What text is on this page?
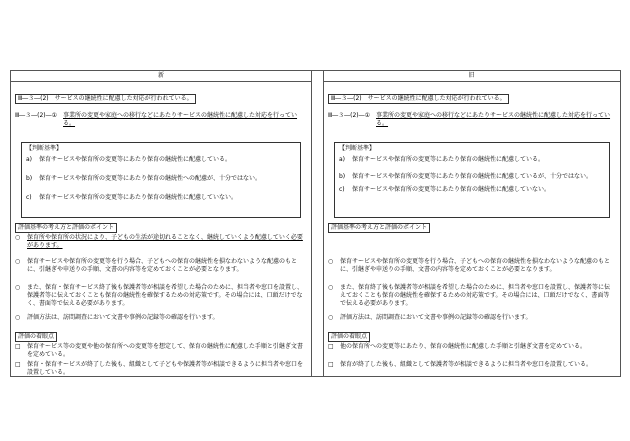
新	旧
Ⅲ―３―(2)　サービスの継続性に配慮した対応が行われている。
Ⅲ―３―(2)―① 事業所の変更や家庭への移行などにあたりサービスの継続性に配慮した対応を行っている。
【判断基準】
a)	保育サービスや保育所の変更等にあたり保育の継続性に配慮している。
b)	保育サービスや保育所の変更等にあたり保育の継続性への配慮が、十分ではない。
c)	保育サービスや保育所の変更等にあたり保育の継続性に配慮していない。
評価基準の考え方と評価のポイント
○	保育所や保育所の状況により、子どもの生活が途切れることなく、継続していくよう配慮していく必要があります。
○	保育サービスや保育所の変更等を行う場合、子どもへの保育の継続性を損なわないような配慮のもとに、引継ぎや申送りの手順、文書の内容等を定めておくことが必要となります。
○	また、保育・保育サービス終了後も保護者等が相談を希望した場合のために、担当者や窓口を設置し、保護者等に伝えておくことも保育の継続性を確保するための対応策です。その場合には、口頭だけでなく、書面等で伝える必要があります。
○	評価方法は、訪問調査において文書や事例の記録等の確認を行います。
評価の着眼点
□	保育サービス等の変更や他の保育所への変更等を想定して、保育の継続性に配慮した手順と引継ぎ文書を定めている。
□	保育・保育サービスが終了した後も、組織として子どもや保護者等が相談できるように担当者や窓口を設置している。
Ⅲ―３―(2)　サービスの継続性に配慮した対応が行われている。
Ⅲ―３―(2)―① 事業所の変更や家庭への移行などにあたりサービスの継続性に配慮した対応を行っている。
【判断基準】
a)	保育サービスや保育所の変更等にあたり保育の継続性に配慮している。
b)	保育サービスや保育所の変更等にあたり保育の継続性に配慮しているが、十分ではない。
c)	保育サービスや保育所の変更等にあたり保育の継続性に配慮していない。
評価基準の考え方と評価のポイント
○	保育サービスや保育所の変更等を行う場合、子どもへの保育の継続性を損なわないような配慮のもとに、引継ぎや申送りの手順、文書の内容等を定めておくことが必要となります。
○	また、保育終了後も保護者等が相談を希望した場合のために、担当者や窓口を設置し、保護者等に伝えておくことも保育の継続性を確保するための対応策です。その場合には、口頭だけでなく、書面等で伝える必要があります。
○	評価方法は、訪問調査において文書や事例の記録等の確認を行います。
評価の着眼点
□	他の保育所への変更等にあたり、保育の継続性に配慮した手順と引継ぎ文書を定めている。
□	保育が終了した後も、組織として保護者等が相談できるように担当者や窓口を設置している。
